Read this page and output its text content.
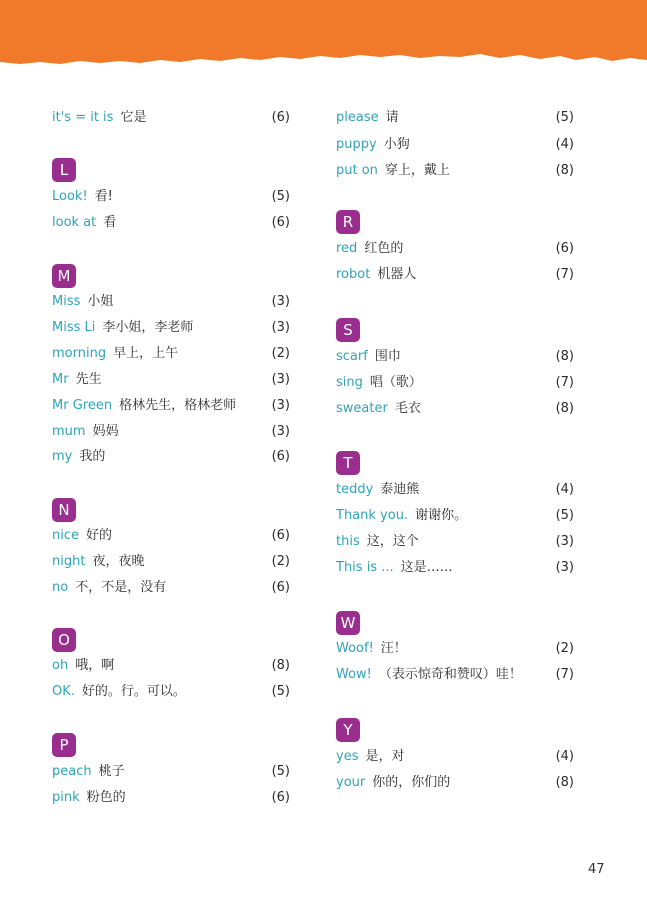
it's = it is 它是	(6)
L
Look! 看!	(5)
look at 看	(6)
M
Miss 小姐	(3)
Miss Li 李小姐，李老师	(3)
morning 早上，上午	(2)
Mr 先生	(3)
Mr Green 格林先生，格林老师	(3)
mum 妈妈	(3)
my 我的	(6)
N
nice 好的	(6)
night 夜，夜晚	(2)
no 不，不是，没有	(6)
O
oh 哦，啊	(8)
OK. 好的。行。可以。	(5)
P
peach 桃子	(5)
pink 粉色的	(6)
please 请	(5)
puppy 小狗	(4)
put on 穿上，戴上	(8)
R
red 红色的	(6)
robot 机器人	(7)
S
scarf 围巾	(8)
sing 唱（歌）	(7)
sweater 毛衣	(8)
T
teddy 泰迪熊	(4)
Thank you. 谢谢你。	(5)
this 这，这个	(3)
This is ... 这是……	(3)
W
Woof! 汪！	(2)
Wow! （表示惊奇和赞叹）哇！	(7)
Y
yes 是，对	(4)
your 你的，你们的	(8)
47
